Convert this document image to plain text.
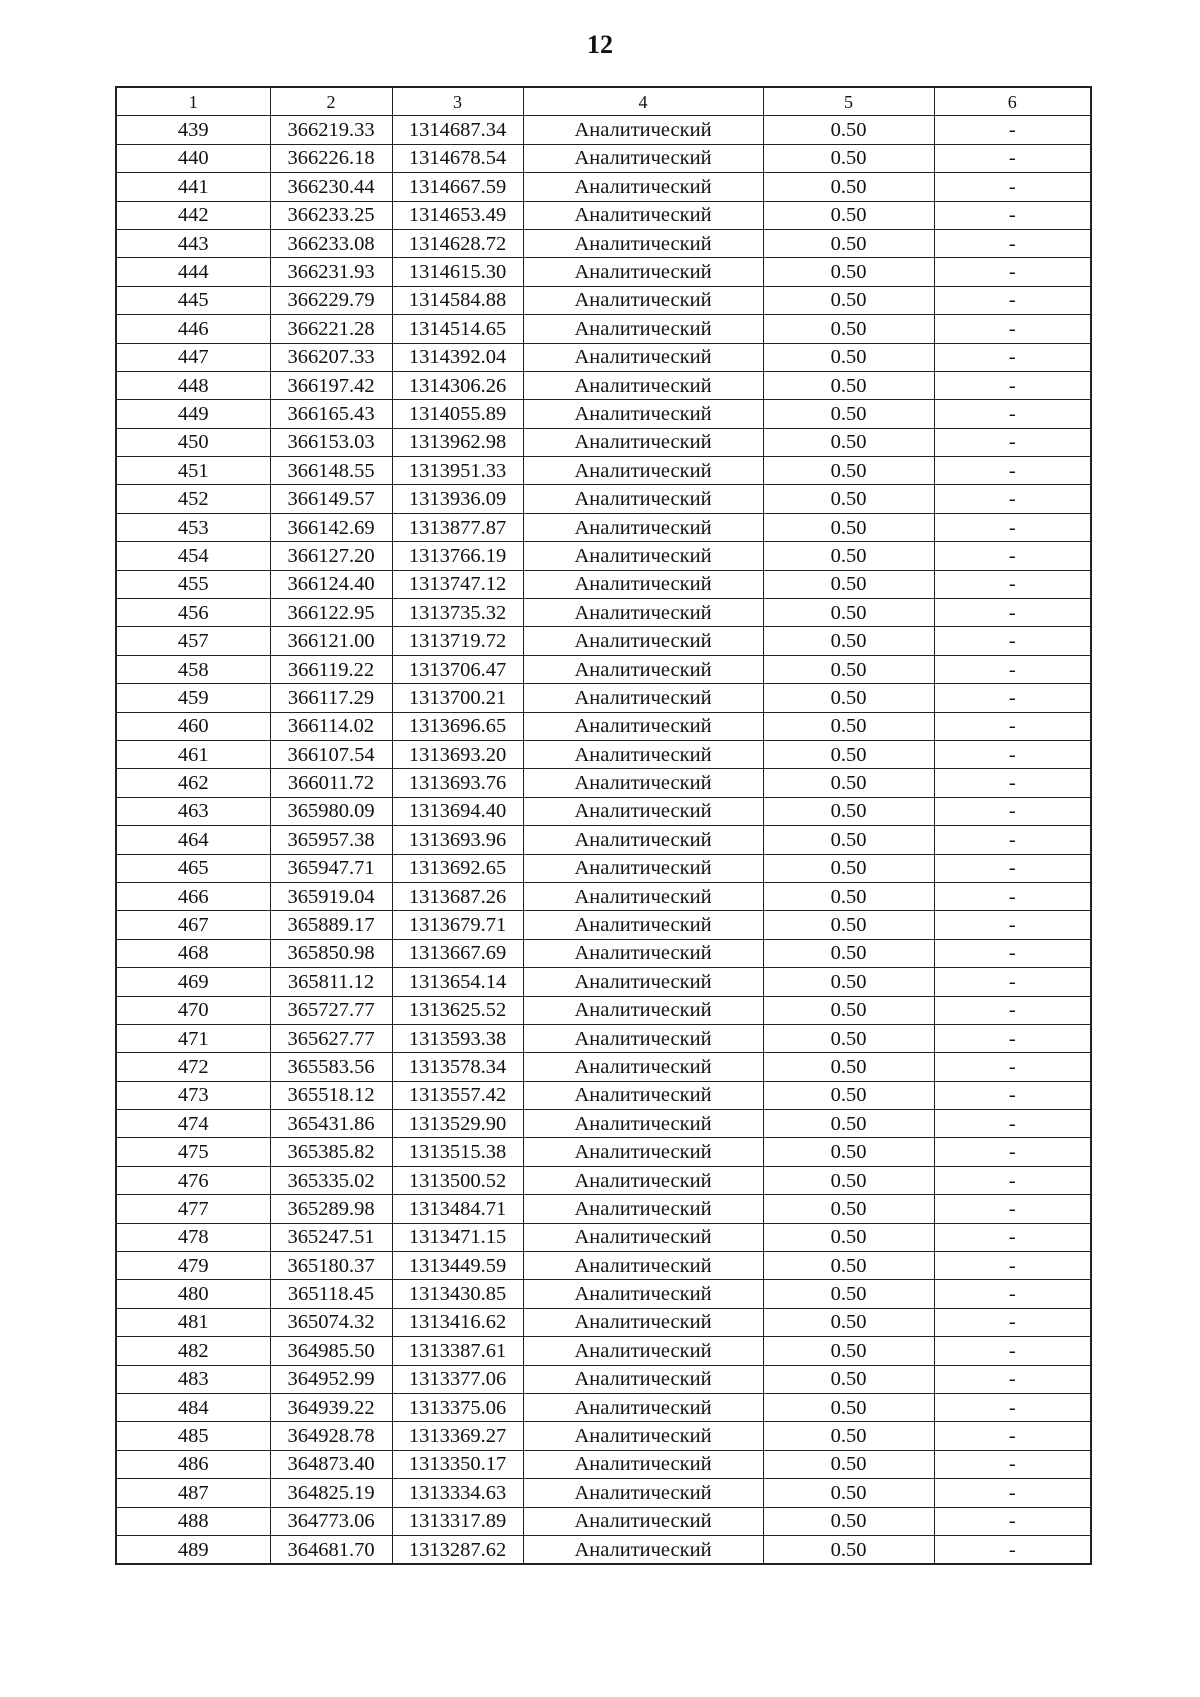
12
1	2	3	4	5	6
439	366219.33	1314687.34	Аналитический	0.50	-
440	366226.18	1314678.54	Аналитический	0.50	-
441	366230.44	1314667.59	Аналитический	0.50	-
442	366233.25	1314653.49	Аналитический	0.50	-
443	366233.08	1314628.72	Аналитический	0.50	-
444	366231.93	1314615.30	Аналитический	0.50	-
445	366229.79	1314584.88	Аналитический	0.50	-
446	366221.28	1314514.65	Аналитический	0.50	-
447	366207.33	1314392.04	Аналитический	0.50	-
448	366197.42	1314306.26	Аналитический	0.50	-
449	366165.43	1314055.89	Аналитический	0.50	-
450	366153.03	1313962.98	Аналитический	0.50	-
451	366148.55	1313951.33	Аналитический	0.50	-
452	366149.57	1313936.09	Аналитический	0.50	-
453	366142.69	1313877.87	Аналитический	0.50	-
454	366127.20	1313766.19	Аналитический	0.50	-
455	366124.40	1313747.12	Аналитический	0.50	-
456	366122.95	1313735.32	Аналитический	0.50	-
457	366121.00	1313719.72	Аналитический	0.50	-
458	366119.22	1313706.47	Аналитический	0.50	-
459	366117.29	1313700.21	Аналитический	0.50	-
460	366114.02	1313696.65	Аналитический	0.50	-
461	366107.54	1313693.20	Аналитический	0.50	-
462	366011.72	1313693.76	Аналитический	0.50	-
463	365980.09	1313694.40	Аналитический	0.50	-
464	365957.38	1313693.96	Аналитический	0.50	-
465	365947.71	1313692.65	Аналитический	0.50	-
466	365919.04	1313687.26	Аналитический	0.50	-
467	365889.17	1313679.71	Аналитический	0.50	-
468	365850.98	1313667.69	Аналитический	0.50	-
469	365811.12	1313654.14	Аналитический	0.50	-
470	365727.77	1313625.52	Аналитический	0.50	-
471	365627.77	1313593.38	Аналитический	0.50	-
472	365583.56	1313578.34	Аналитический	0.50	-
473	365518.12	1313557.42	Аналитический	0.50	-
474	365431.86	1313529.90	Аналитический	0.50	-
475	365385.82	1313515.38	Аналитический	0.50	-
476	365335.02	1313500.52	Аналитический	0.50	-
477	365289.98	1313484.71	Аналитический	0.50	-
478	365247.51	1313471.15	Аналитический	0.50	-
479	365180.37	1313449.59	Аналитический	0.50	-
480	365118.45	1313430.85	Аналитический	0.50	-
481	365074.32	1313416.62	Аналитический	0.50	-
482	364985.50	1313387.61	Аналитический	0.50	-
483	364952.99	1313377.06	Аналитический	0.50	-
484	364939.22	1313375.06	Аналитический	0.50	-
485	364928.78	1313369.27	Аналитический	0.50	-
486	364873.40	1313350.17	Аналитический	0.50	-
487	364825.19	1313334.63	Аналитический	0.50	-
488	364773.06	1313317.89	Аналитический	0.50	-
489	364681.70	1313287.62	Аналитический	0.50	-
